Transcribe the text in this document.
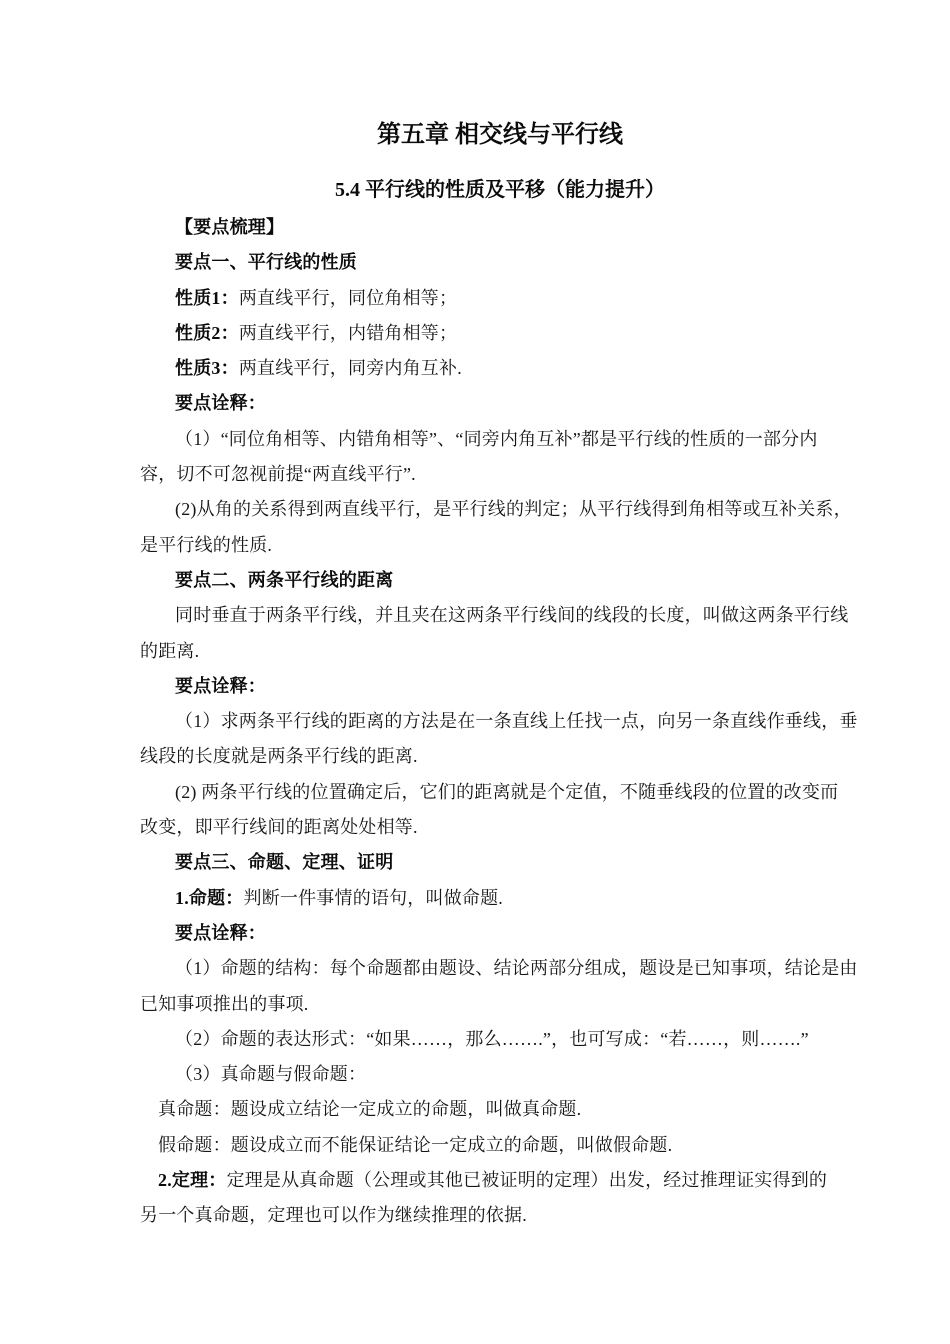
第五章 相交线与平行线
5.4 平行线的性质及平移（能力提升）
【要点梳理】
要点一、平行线的性质
性质1：两直线平行，同位角相等；
性质2：两直线平行，内错角相等；
性质3：两直线平行，同旁内角互补.
要点诠释：
（1）“同位角相等、内错角相等”、“同旁内角互补”都是平行线的性质的一部分内
容，切不可忽视前提“两直线平行”.
(2)从角的关系得到两直线平行，是平行线的判定；从平行线得到角相等或互补关系，
是平行线的性质.
要点二、两条平行线的距离
同时垂直于两条平行线，并且夹在这两条平行线间的线段的长度，叫做这两条平行线
的距离.
要点诠释：
（1）求两条平行线的距离的方法是在一条直线上任找一点，向另一条直线作垂线，垂
线段的长度就是两条平行线的距离.
(2) 两条平行线的位置确定后，它们的距离就是个定值，不随垂线段的位置的改变而
改变，即平行线间的距离处处相等.
要点三、命题、定理、证明
1.命题：判断一件事情的语句，叫做命题.
要点诠释：
（1）命题的结构：每个命题都由题设、结论两部分组成，题设是已知事项，结论是由
已知事项推出的事项.
（2）命题的表达形式：“如果……，那么…….”，也可写成：“若……，则…….”
（3）真命题与假命题：
真命题：题设成立结论一定成立的命题，叫做真命题.
假命题：题设成立而不能保证结论一定成立的命题，叫做假命题.
2.定理：定理是从真命题（公理或其他已被证明的定理）出发，经过推理证实得到的
另一个真命题，定理也可以作为继续推理的依据.
